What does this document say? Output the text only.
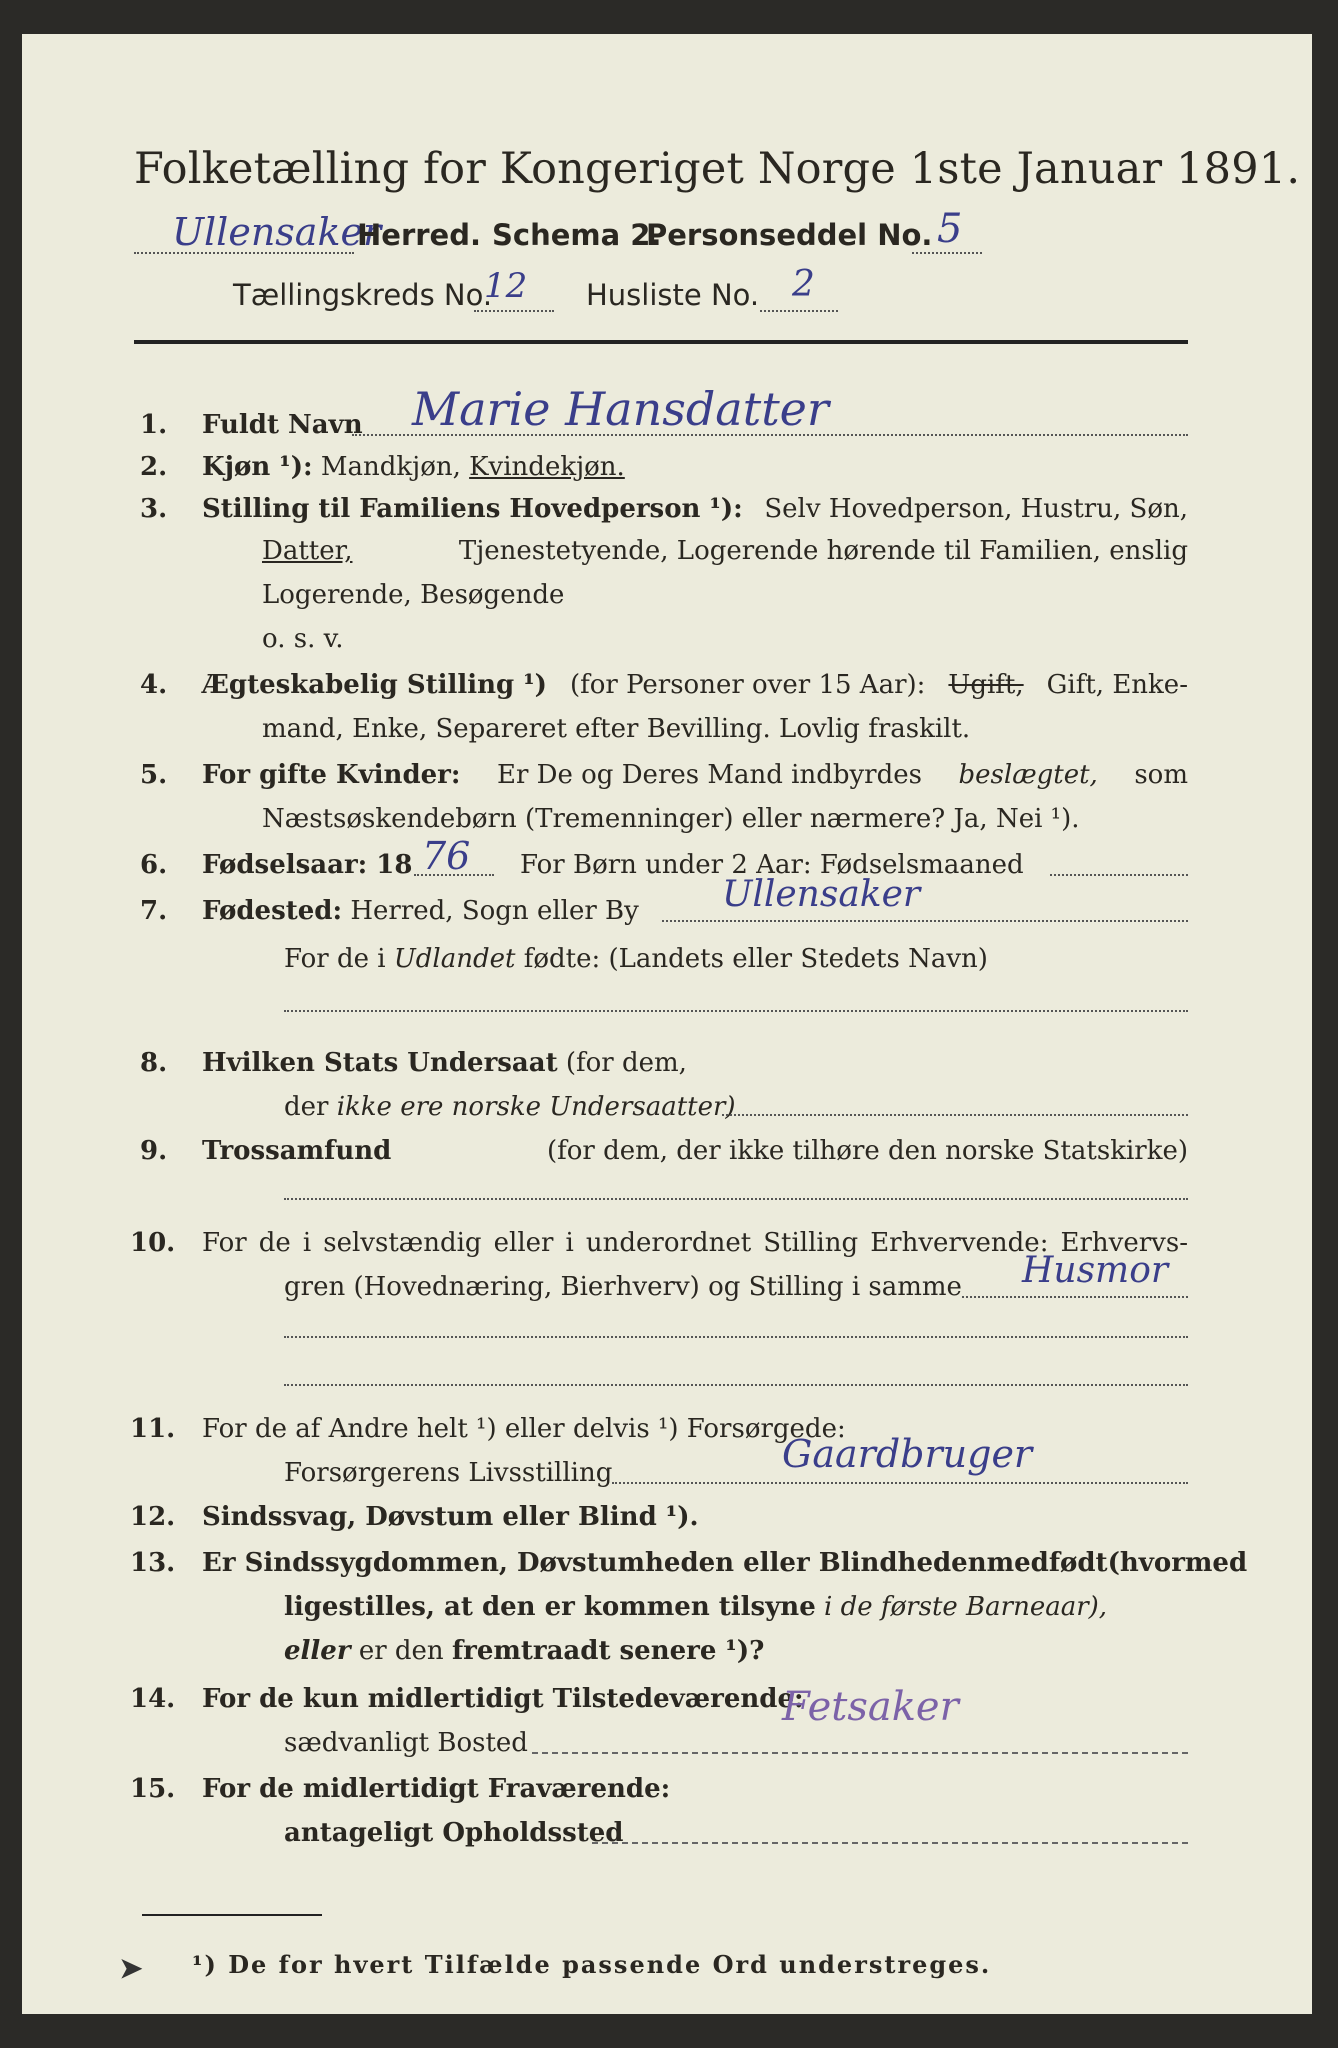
Folketælling for Kongeriget Norge 1ste Januar 1891.
Ullensaker
Herred. Schema 2.
Personseddel No. 5
Tællingskreds No.
12 Husliste No. 2
1. Fuldt Navn Marie Hansdatter
2. Kjøn ¹): Mandkjøn, Kvindekjøn.
3. Stilling til Familiens Hovedperson ¹): Selv Hovedperson, Hustru, Søn,
Datter,	Tjenestetyende, Logerende hørende til Familien, enslig
Logerende, Besøgende
o. s. v.
4. Ægteskabelig Stilling ¹) (for Personer over 15 Aar): Ugift, Gift, Enke-
mand, Enke, Separeret efter Bevilling. Lovlig fraskilt.
5. For gifte Kvinder: Er De og Deres Mand indbyrdes beslægtet, som
Næstsøskendebørn (Tremenninger) eller nærmere? Ja, Nei ¹).
6. Fødselsaar: 18 76 For Børn under 2 Aar: Fødselsmaaned
7. Fødested: Herred, Sogn eller By Ullensaker
For de i Udlandet fødte: (Landets eller Stedets Navn)
8. Hvilken Stats Undersaat (for dem,
der ikke ere norske Undersaatter)
9. Trossamfund	(for dem, der ikke tilhøre den norske Statskirke)
10. For de i selvstændig eller i underordnet Stilling Erhvervende: Erhvervs-
gren (Hovednæring, Bierhverv) og Stilling i samme Husmor
11. For de af Andre helt ¹) eller delvis ¹) Forsørgede:
Forsørgerens Livsstilling	Gaardbruger
12. Sindssvag, Døvstum eller Blind ¹).
13. Er Sindssygdommen, Døvstumheden eller Blindheden medfødt (hvormed
ligestilles, at den er kommen tilsyne i de første Barneaar),
eller er den fremtraadt senere ¹)?
14. For de kun midlertidigt Tilstedeværende:
sædvanligt Bosted
Fetsaker
15. For de midlertidigt Fraværende:
antageligt Opholdssted
¹) De for hvert Tilfælde passende Ord understreges.
➤
